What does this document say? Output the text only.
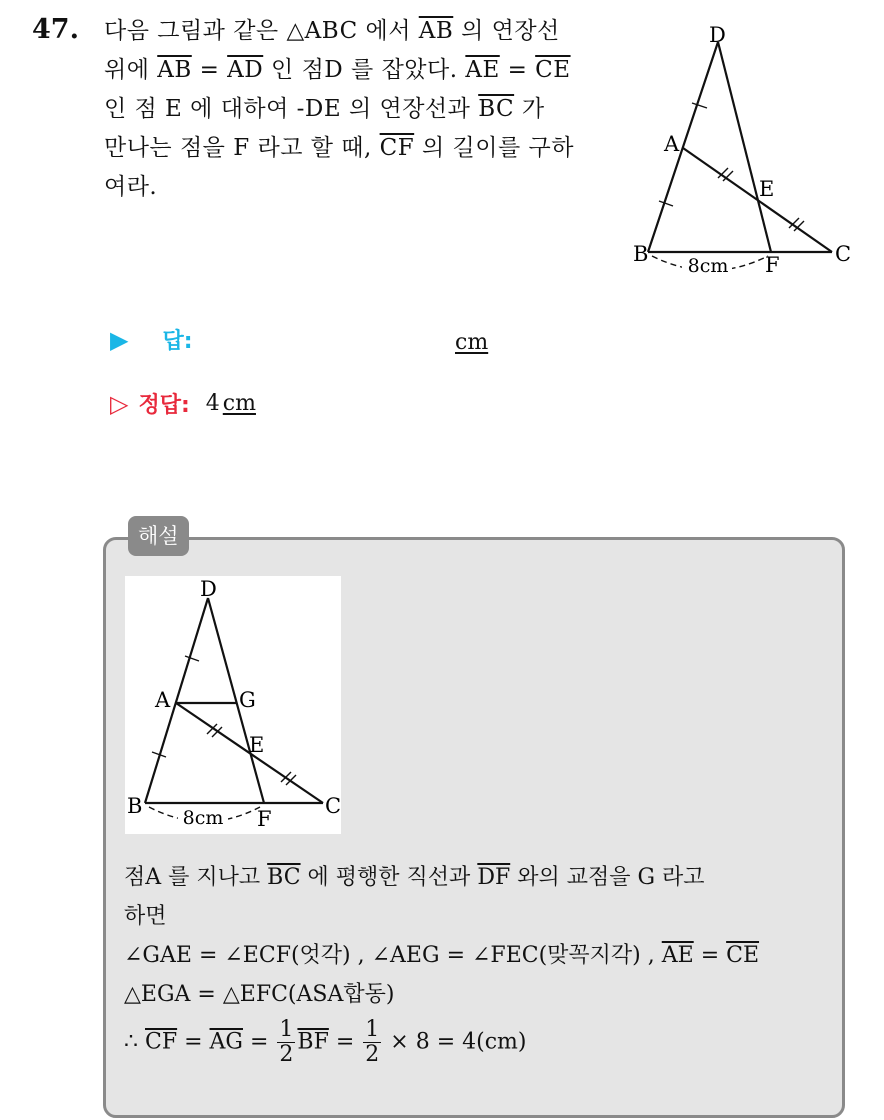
47. 다음 그림과 같은 △ABC 에서 $\overline{AB}$ 의 연장선
위에 $\overline{AB} = \overline{AD}$ 인 점D 를 잡았다. $\overline{AE} = \overline{CE}$
인 점 E 에 대하여 -DE 의 연장선과 $\overline{BC}$ 가
만나는 점을 F 라고 할 때, $\overline{CF}$ 의 길이를 구하
여라.
8cm
D
A
E
B	C
F
▶ 답:	cm
▷ 정답: 4 cm
해설
8cm
D
A	G
E
B	C
F
점A 를 지나고 $\overline{BC}$ 에 평행한 직선과 $\overline{DF}$ 와의 교점을 G 라고
하면
∠GAE = ∠ECF(엇각) , ∠AEG = ∠FEC(맞꼭지각) , $\overline{AE} = \overline{CE}$
△EGA = △EFC(ASA합동)
∴ $\overline{CF} = \overline{AG} = \frac{1}{2} \overline{BF} = \frac{1}{2} \times 8 = 4(cm)$
